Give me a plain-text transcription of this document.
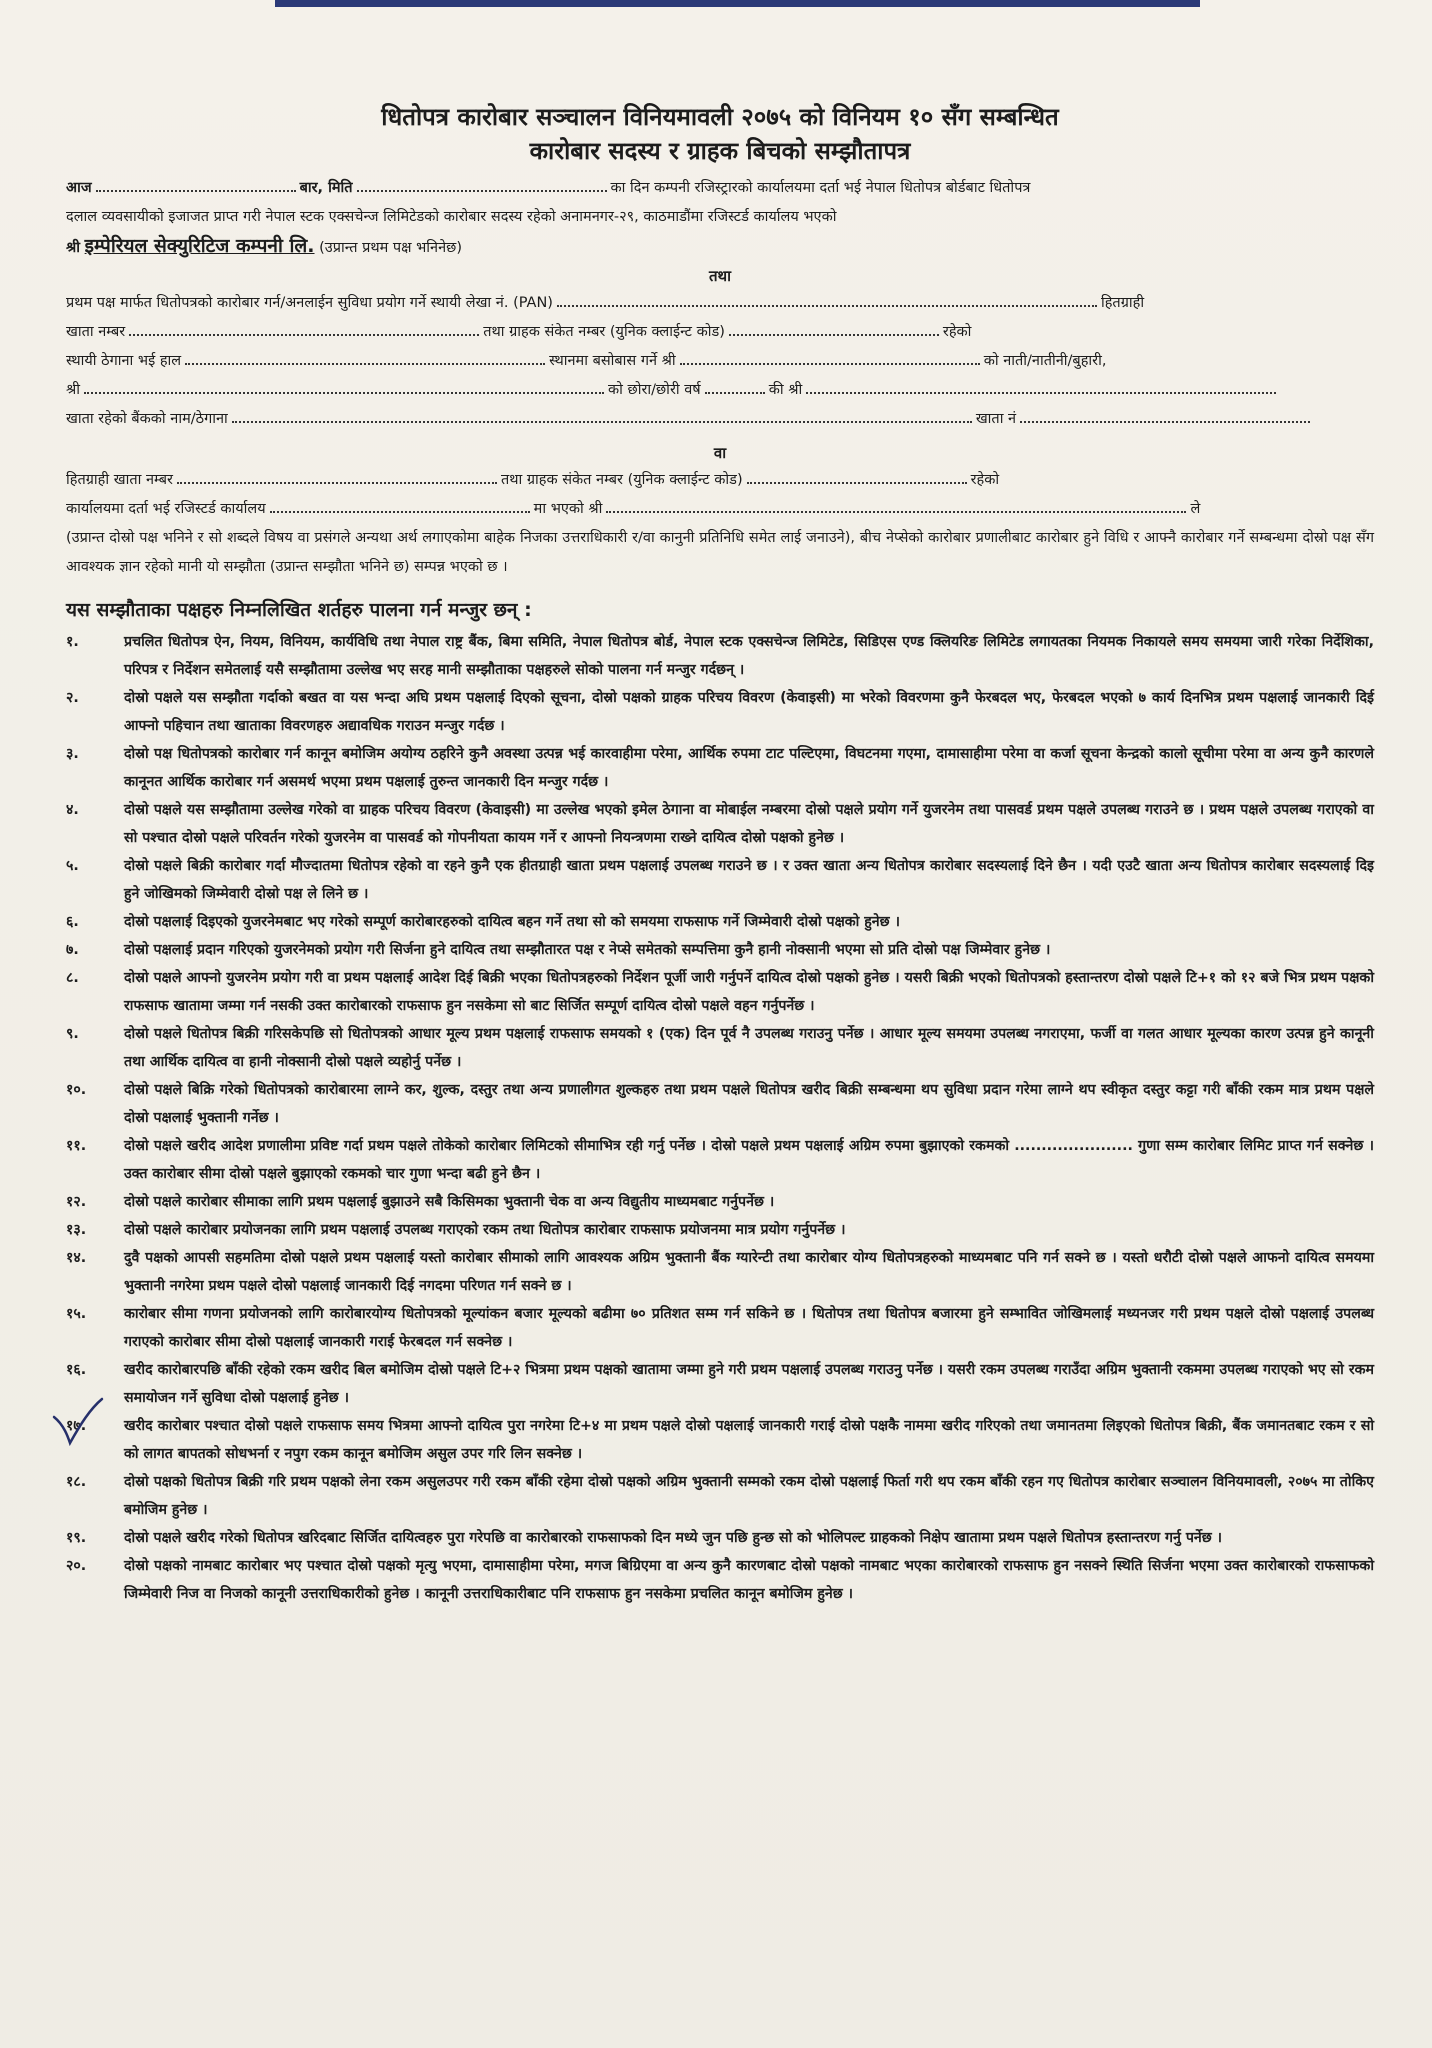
धितोपत्र कारोबार सञ्चालन विनियमावली २०७५ को विनियम १० सँग सम्बन्धित
कारोबार सदस्य र ग्राहक बिचको सम्झौतापत्र
आज	बार, मिति	का दिन कम्पनी रजिस्ट्रारको कार्यालयमा दर्ता भई नेपाल धितोपत्र बोर्डबाट धितोपत्र
दलाल व्यवसायीको इजाजत प्राप्त गरी नेपाल स्टक एक्सचेन्ज लिमिटेडको कारोबार सदस्य रहेको अनामनगर-२९, काठमाडौंमा रजिस्टर्ड कार्यालय भएको
श्री इम्पेरियल सेक्युरिटिज कम्पनी लि. (उप्रान्त प्रथम पक्ष भनिनेछ)
तथा
प्रथम पक्ष मार्फत धितोपत्रको कारोबार गर्न/अनलाईन सुविधा प्रयोग गर्ने स्थायी लेखा नं. (PAN)	हितग्राही
खाता नम्बर	तथा ग्राहक संकेत नम्बर (युनिक क्लाईन्ट कोड)	रहेको
स्थायी ठेगाना भई हाल	स्थानमा बसोबास गर्ने श्री	को नाती/नातीनी/बुहारी,
श्री	को छोरा/छोरी वर्ष	की श्री
खाता रहेको बैंकको नाम/ठेगाना	खाता नं
वा
हितग्राही खाता नम्बर	तथा ग्राहक संकेत नम्बर (युनिक क्लाईन्ट कोड)	रहेको
कार्यालयमा दर्ता भई रजिस्टर्ड कार्यालय	मा भएको श्री	ले

(उप्रान्त दोस्रो पक्ष भनिने र सो शब्दले विषय वा प्रसंगले अन्यथा अर्थ लगाएकोमा बाहेक निजका उत्तराधिकारी र/वा कानुनी प्रतिनिधि समेत लाई जनाउने), बीच नेप्सेको कारोबार प्रणालीबाट कारोबार हुने विधि र आफ्नै कारोबार गर्ने सम्बन्धमा दोस्रो पक्ष सँग आवश्यक ज्ञान रहेको मानी यो सम्झौता (उप्रान्त सम्झौता भनिने छ) सम्पन्न भएको छ ।

यस सम्झौताका पक्षहरु निम्नलिखित शर्तहरु पालना गर्न मन्जुर छन् :
१.	प्रचलित धितोपत्र ऐन, नियम, विनियम, कार्यविधि तथा नेपाल राष्ट्र बैंक, बिमा समिति, नेपाल धितोपत्र बोर्ड, नेपाल स्टक एक्सचेन्ज लिमिटेड, सिडिएस एण्ड क्लियरिङ लिमिटेड लगायतका नियमक निकायले समय समयमा जारी गरेका निर्देशिका, परिपत्र र निर्देशन समेतलाई यसै सम्झौतामा उल्लेख भए सरह मानी सम्झौताका पक्षहरुले सोको पालना गर्न मन्जुर गर्दछन् ।
२.	दोस्रो पक्षले यस सम्झौता गर्दाको बखत वा यस भन्दा अघि प्रथम पक्षलाई दिएको सूचना, दोस्रो पक्षको ग्राहक परिचय विवरण (केवाइसी) मा भरेको विवरणमा कुनै फेरबदल भए, फेरबदल भएको ७ कार्य दिनभित्र प्रथम पक्षलाई जानकारी दिई आफ्नो पहिचान तथा खाताका विवरणहरु अद्यावधिक गराउन मन्जुर गर्दछ ।
३.	दोस्रो पक्ष धितोपत्रको कारोबार गर्न कानून बमोजिम अयोग्य ठहरिने कुनै अवस्था उत्पन्न भई कारवाहीमा परेमा, आर्थिक रुपमा टाट पल्टिएमा, विघटनमा गएमा, दामासाहीमा परेमा वा कर्जा सूचना केन्द्रको कालो सूचीमा परेमा वा अन्य कुनै कारणले कानूनत आर्थिक कारोबार गर्न असमर्थ भएमा प्रथम पक्षलाई तुरुन्त जानकारी दिन मन्जुर गर्दछ ।
४.	दोस्रो पक्षले यस सम्झौतामा उल्लेख गरेको वा ग्राहक परिचय विवरण (केवाइसी) मा उल्लेख भएको इमेल ठेगाना वा मोबाईल नम्बरमा दोस्रो पक्षले प्रयोग गर्ने युजरनेम तथा पासवर्ड प्रथम पक्षले उपलब्ध गराउने छ । प्रथम पक्षले उपलब्ध गराएको वा सो पश्चात दोस्रो पक्षले परिवर्तन गरेको युजरनेम वा पासवर्ड को गोपनीयता कायम गर्ने र आफ्नो नियन्त्रणमा राख्ने दायित्व दोस्रो पक्षको हुनेछ ।
५.	दोस्रो पक्षले बिक्री कारोबार गर्दा मौज्दातमा धितोपत्र रहेको वा रहने कुनै एक हीतग्राही खाता प्रथम पक्षलाई उपलब्ध गराउने छ । र उक्त खाता अन्य धितोपत्र कारोबार सदस्यलाई दिने छैन । यदी एउटै खाता अन्य धितोपत्र कारोबार सदस्यलाई दिइ हुने जोखिमको जिम्मेवारी दोस्रो पक्ष ले लिने छ ।
६.	दोस्रो पक्षलाई दिइएको युजरनेमबाट भए गरेको सम्पूर्ण कारोबारहरुको दायित्व बहन गर्ने तथा सो को समयमा राफसाफ गर्ने जिम्मेवारी दोस्रो पक्षको हुनेछ ।
७.	दोस्रो पक्षलाई प्रदान गरिएको युजरनेमको प्रयोग गरी सिर्जना हुने दायित्व तथा सम्झौतारत पक्ष र नेप्से समेतको सम्पत्तिमा कुनै हानी नोक्सानी भएमा सो प्रति दोस्रो पक्ष जिम्मेवार हुनेछ ।
८.	दोस्रो पक्षले आफ्नो युजरनेम प्रयोग गरी वा प्रथम पक्षलाई आदेश दिई बिक्री भएका धितोपत्रहरुको निर्देशन पूर्जी जारी गर्नुपर्ने दायित्व दोस्रो पक्षको हुनेछ । यसरी बिक्री भएको धितोपत्रको हस्तान्तरण दोस्रो पक्षले टि+१ को १२ बजे भित्र प्रथम पक्षको राफसाफ खातामा जम्मा गर्न नसकी उक्त कारोबारको राफसाफ हुन नसकेमा सो बाट सिर्जित सम्पूर्ण दायित्व दोस्रो पक्षले वहन गर्नुपर्नेछ ।
९.	दोस्रो पक्षले धितोपत्र बिक्री गरिसकेपछि सो धितोपत्रको आधार मूल्य प्रथम पक्षलाई राफसाफ समयको १ (एक) दिन पूर्व नै उपलब्ध गराउनु पर्नेछ । आधार मूल्य समयमा उपलब्ध नगराएमा, फर्जी वा गलत आधार मूल्यका कारण उत्पन्न हुने कानूनी तथा आर्थिक दायित्व वा हानी नोक्सानी दोस्रो पक्षले व्यहोर्नु पर्नेछ ।
१०.	दोस्रो पक्षले बिक्रि गरेको धितोपत्रको कारोबारमा लाग्ने कर, शुल्क, दस्तुर तथा अन्य प्रणालीगत शुल्कहरु तथा प्रथम पक्षले धितोपत्र खरीद बिक्री सम्बन्धमा थप सुविधा प्रदान गरेमा लाग्ने थप स्वीकृत दस्तुर कट्टा गरी बाँकी रकम मात्र प्रथम पक्षले दोस्रो पक्षलाई भुक्तानी गर्नेछ ।
११.	दोस्रो पक्षले खरीद आदेश प्रणालीमा प्रविष्ट गर्दा प्रथम पक्षले तोकेको कारोबार लिमिटको सीमाभित्र रही गर्नु पर्नेछ । दोस्रो पक्षले प्रथम पक्षलाई अग्रिम रुपमा बुझाएको रकमको ...................... गुणा सम्म कारोबार लिमिट प्राप्त गर्न सक्नेछ । उक्त कारोबार सीमा दोस्रो पक्षले बुझाएको रकमको चार गुणा भन्दा बढी हुने छैन ।
१२.	दोस्रो पक्षले कारोबार सीमाका लागि प्रथम पक्षलाई बुझाउने सबै किसिमका भुक्तानी चेक वा अन्य विद्युतीय माध्यमबाट गर्नुपर्नेछ ।
१३.	दोस्रो पक्षले कारोबार प्रयोजनका लागि प्रथम पक्षलाई उपलब्ध गराएको रकम तथा धितोपत्र कारोबार राफसाफ प्रयोजनमा मात्र प्रयोग गर्नुपर्नेछ ।
१४.	दुवै पक्षको आपसी सहमतिमा दोस्रो पक्षले प्रथम पक्षलाई यस्तो कारोबार सीमाको लागि आवश्यक अग्रिम भुक्तानी बैंक ग्यारेन्टी तथा कारोबार योग्य धितोपत्रहरुको माध्यमबाट पनि गर्न सक्ने छ । यस्तो धरौटी दोस्रो पक्षले आफनो दायित्व समयमा भुक्तानी नगरेमा प्रथम पक्षले दोस्रो पक्षलाई जानकारी दिई नगदमा परिणत गर्न सक्ने छ ।
१५.	कारोबार सीमा गणना प्रयोजनको लागि कारोबारयोग्य धितोपत्रको मूल्यांकन बजार मूल्यको बढीमा ७० प्रतिशत सम्म गर्न सकिने छ । धितोपत्र तथा धितोपत्र बजारमा हुने सम्भावित जोखिमलाई मध्यनजर गरी प्रथम पक्षले दोस्रो पक्षलाई उपलब्ध गराएको कारोबार सीमा दोस्रो पक्षलाई जानकारी गराई फेरबदल गर्न सक्नेछ ।
१६.	खरीद कारोबारपछि बाँकी रहेको रकम खरीद बिल बमोजिम दोस्रो पक्षले टि+२ भित्रमा प्रथम पक्षको खातामा जम्मा हुने गरी प्रथम पक्षलाई उपलब्ध गराउनु पर्नेछ । यसरी रकम उपलब्ध गराउँदा अग्रिम भुक्तानी रकममा उपलब्ध गराएको भए सो रकम समायोजन गर्ने सुविधा दोस्रो पक्षलाई हुनेछ ।
१७.	खरीद कारोबार पश्चात दोस्रो पक्षले राफसाफ समय भित्रमा आफ्नो दायित्व पुरा नगरेमा टि+४ मा प्रथम पक्षले दोस्रो पक्षलाई जानकारी गराई दोस्रो पक्षकै नाममा खरीद गरिएको तथा जमानतमा लिइएको धितोपत्र बिक्री, बैंक जमानतबाट रकम र सो को लागत बापतको सोधभर्ना र नपुग रकम कानून बमोजिम असुल उपर गरि लिन सक्नेछ ।
१८.	दोस्रो पक्षको धितोपत्र बिक्री गरि प्रथम पक्षको लेना रकम असुलउपर गरी रकम बाँकी रहेमा दोस्रो पक्षको अग्रिम भुक्तानी सम्मको रकम दोस्रो पक्षलाई फिर्ता गरी थप रकम बाँकी रहन गए धितोपत्र कारोबार सञ्चालन विनियमावली, २०७५ मा तोकिए बमोजिम हुनेछ ।
१९.	दोस्रो पक्षले खरीद गरेको धितोपत्र खरिदबाट सिर्जित दायित्वहरु पुरा गरेपछि वा कारोबारको राफसाफको दिन मध्ये जुन पछि हुन्छ सो को भोलिपल्ट ग्राहकको निक्षेप खातामा प्रथम पक्षले धितोपत्र हस्तान्तरण गर्नु पर्नेछ ।
२०.	दोस्रो पक्षको नामबाट कारोबार भए पश्चात दोस्रो पक्षको मृत्यु भएमा, दामासाहीमा परेमा, मगज बिग्रिएमा वा अन्य कुनै कारणबाट दोस्रो पक्षको नामबाट भएका कारोबारको राफसाफ हुन नसक्ने स्थिति सिर्जना भएमा उक्त कारोबारको राफसाफको जिम्मेवारी निज वा निजको कानूनी उत्तराधिकारीको हुनेछ । कानूनी उत्तराधिकारीबाट पनि राफसाफ हुन नसकेमा प्रचलित कानून बमोजिम हुनेछ ।
